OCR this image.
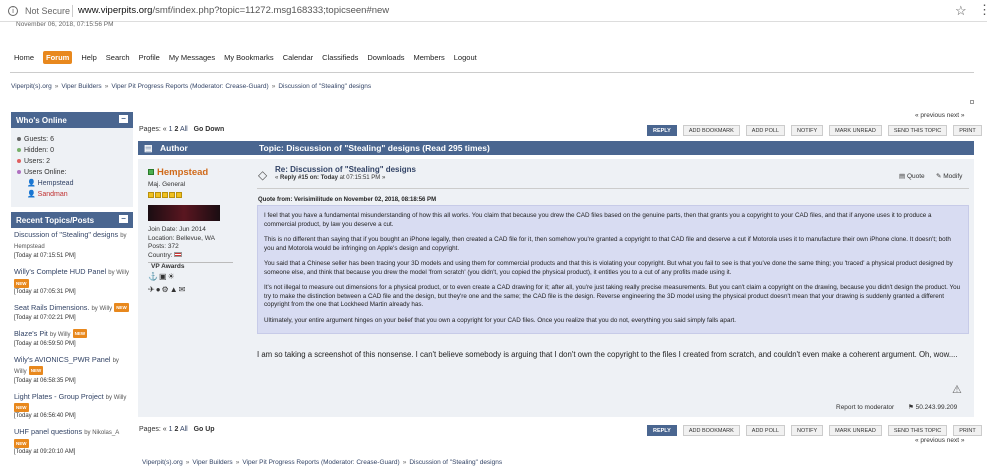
i	Not Secure www.viperpits.org/smf/index.php?topic=11272.msg168333;topicseen#new	☆ ⋮
November 06, 2018, 07:15:56 PM
Home	Forum	Help Search Profile My Messages My Bookmarks Calendar Classifieds Downloads Members Logout
Viperpit(s).org » Viper Builders » Viper Pit Progress Reports (Moderator: Crease-Guard) » Discussion of "Stealing" designs
Who's Online	−
Guests: 6
Hidden: 0
Users: 2
Users Online:
👤 Hempstead
👤 Sandman
Recent Topics/Posts	−
Discussion of "Stealing" designs by Hempstead
[Today at 07:15:51 PM]
Willy's Complete HUD Panel by Willy NEW
[Today at 07:05:31 PM]
Seat Rails Dimensions. by Willy NEW
[Today at 07:02:21 PM]
Blaze's Pit by Willy NEW
[Today at 06:59:50 PM]
Wily's AVIONICS_PWR Panel by Willy NEW
[Today at 06:58:35 PM]
Light Plates - Group Project by Willy NEW
[Today at 06:56:40 PM]
UHF panel questions by Nikolas_A NEW
[Today at 09:20:10 AM]
« previous next »
Pages: « 1 2 All Go Down	REPLY	ADD BOOKMARK	ADD POLL	NOTIFY	MARK UNREAD	SEND THIS TOPIC	PRINT
▤ Author	Topic: Discussion of "Stealing" designs (Read 295 times)
Hempstead
Maj. General
Join Date: Jun 2014
Location: Bellevue, WA
Posts: 372
Country:
VP Awards
⚓▣☀
✈●⚙▲✉
◇ Re: Discussion of "Stealing" designs
« Reply #15 on: Today at 07:15:51 PM »	▤ Quote ✎ Modify
Quote from: Verisimilitude on November 02, 2018, 08:18:56 PM

I feel that you have a fundamental misunderstanding of how this all works. You claim that because you drew the CAD files based on the genuine parts, then that grants you a copyright to your CAD files, and that if anyone uses it to produce a commercial product, by law you deserve a cut.

This is no different than saying that if you bought an iPhone legally, then created a CAD file for it, then somehow you're granted a copyright to that CAD file and deserve a cut if Motorola uses it to manufacture their own iPhone clone. It doesn't; both you and Motorola would be infringing on Apple's design and copyright.

You said that a Chinese seller has been tracing your 3D models and using them for commercial products and that this is violating your copyright. But what you fail to see is that you've done the same thing; you 'traced' a physical product designed by someone else, and think that because you drew the model 'from scratch' (you didn't, you copied the physical product), it entitles you to a cut of any profits made using it.

It's not illegal to measure out dimensions for a physical product, or to even create a CAD drawing for it; after all, you're just taking really precise measurements. But you can't claim a copyright on the drawing, because you didn't design the product. You try to make the distinction between a CAD file and the design, but they're one and the same; the CAD file is the design. Reverse engineering the 3D model using the physical product doesn't mean that your drawing is suddenly granted a different copyright from the one that Lockheed Martin already has.

Ultimately, your entire argument hinges on your belief that you own a copyright for your CAD files. Once you realize that you do not, everything you said simply falls apart.

I am so taking a screenshot of this nonsense. I can't believe somebody is arguing that I don't own the copyright to the files I created from scratch, and couldn't even make a coherent argument. Oh, wow....
⚠
Report to moderator ⚑ 50.243.99.209
Pages: « 1 2 All Go Up	REPLY	ADD BOOKMARK	ADD POLL	NOTIFY	MARK UNREAD	SEND THIS TOPIC	PRINT
« previous next »
Viperpit(s).org » Viper Builders » Viper Pit Progress Reports (Moderator: Crease-Guard) » Discussion of "Stealing" designs
